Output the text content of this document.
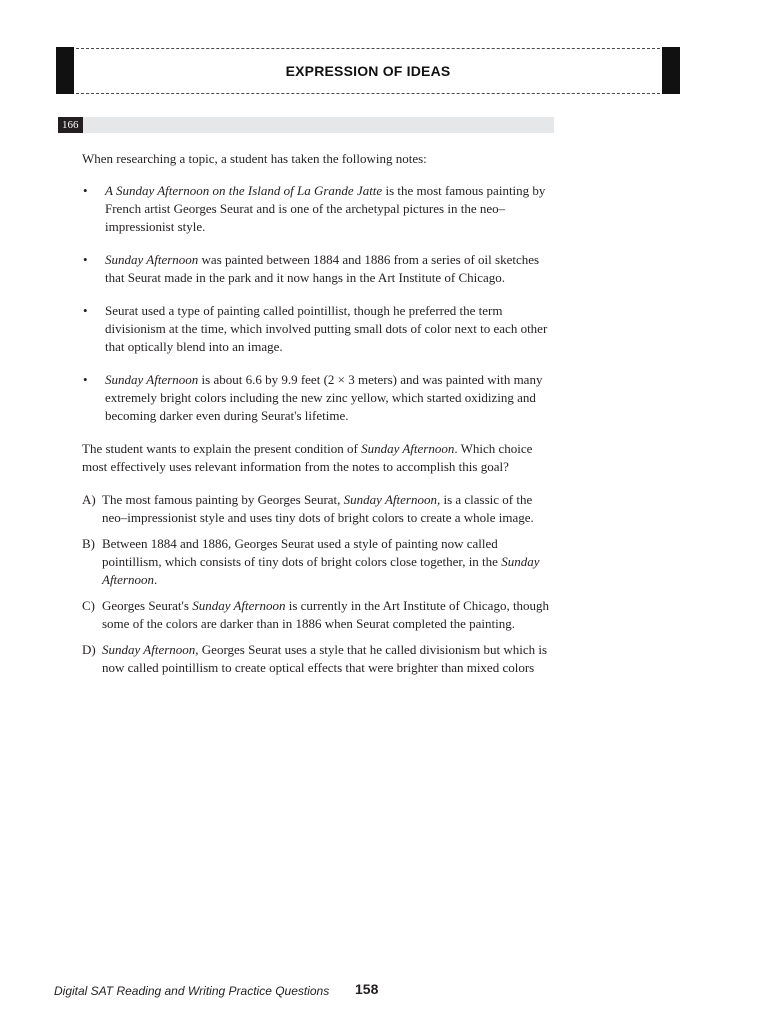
EXPRESSION OF IDEAS
166

When researching a topic, a student has taken the following notes:

• A Sunday Afternoon on the Island of La Grande Jatte is the most famous painting by French artist Georges Seurat and is one of the archetypal pictures in the neo–impressionist style.
• Sunday Afternoon was painted between 1884 and 1886 from a series of oil sketches that Seurat made in the park and it now hangs in the Art Institute of Chicago.
• Seurat used a type of painting called pointillist, though he preferred the term divisionism at the time, which involved putting small dots of color next to each other that optically blend into an image.
• Sunday Afternoon is about 6.6 by 9.9 feet (2 × 3 meters) and was painted with many extremely bright colors including the new zinc yellow, which started oxidizing and becoming darker even during Seurat's lifetime.

The student wants to explain the present condition of Sunday Afternoon. Which choice most effectively uses relevant information from the notes to accomplish this goal?

A) The most famous painting by Georges Seurat, Sunday Afternoon, is a classic of the neo–impressionist style and uses tiny dots of bright colors to create a whole image.
B) Between 1884 and 1886, Georges Seurat used a style of painting now called pointillism, which consists of tiny dots of bright colors close together, in the Sunday Afternoon.
C) Georges Seurat's Sunday Afternoon is currently in the Art Institute of Chicago, though some of the colors are darker than in 1886 when Seurat completed the painting.
D) Sunday Afternoon, Georges Seurat uses a style that he called divisionism but which is now called pointillism to create optical effects that were brighter than mixed colors
Digital SAT Reading and Writing Practice Questions 158
